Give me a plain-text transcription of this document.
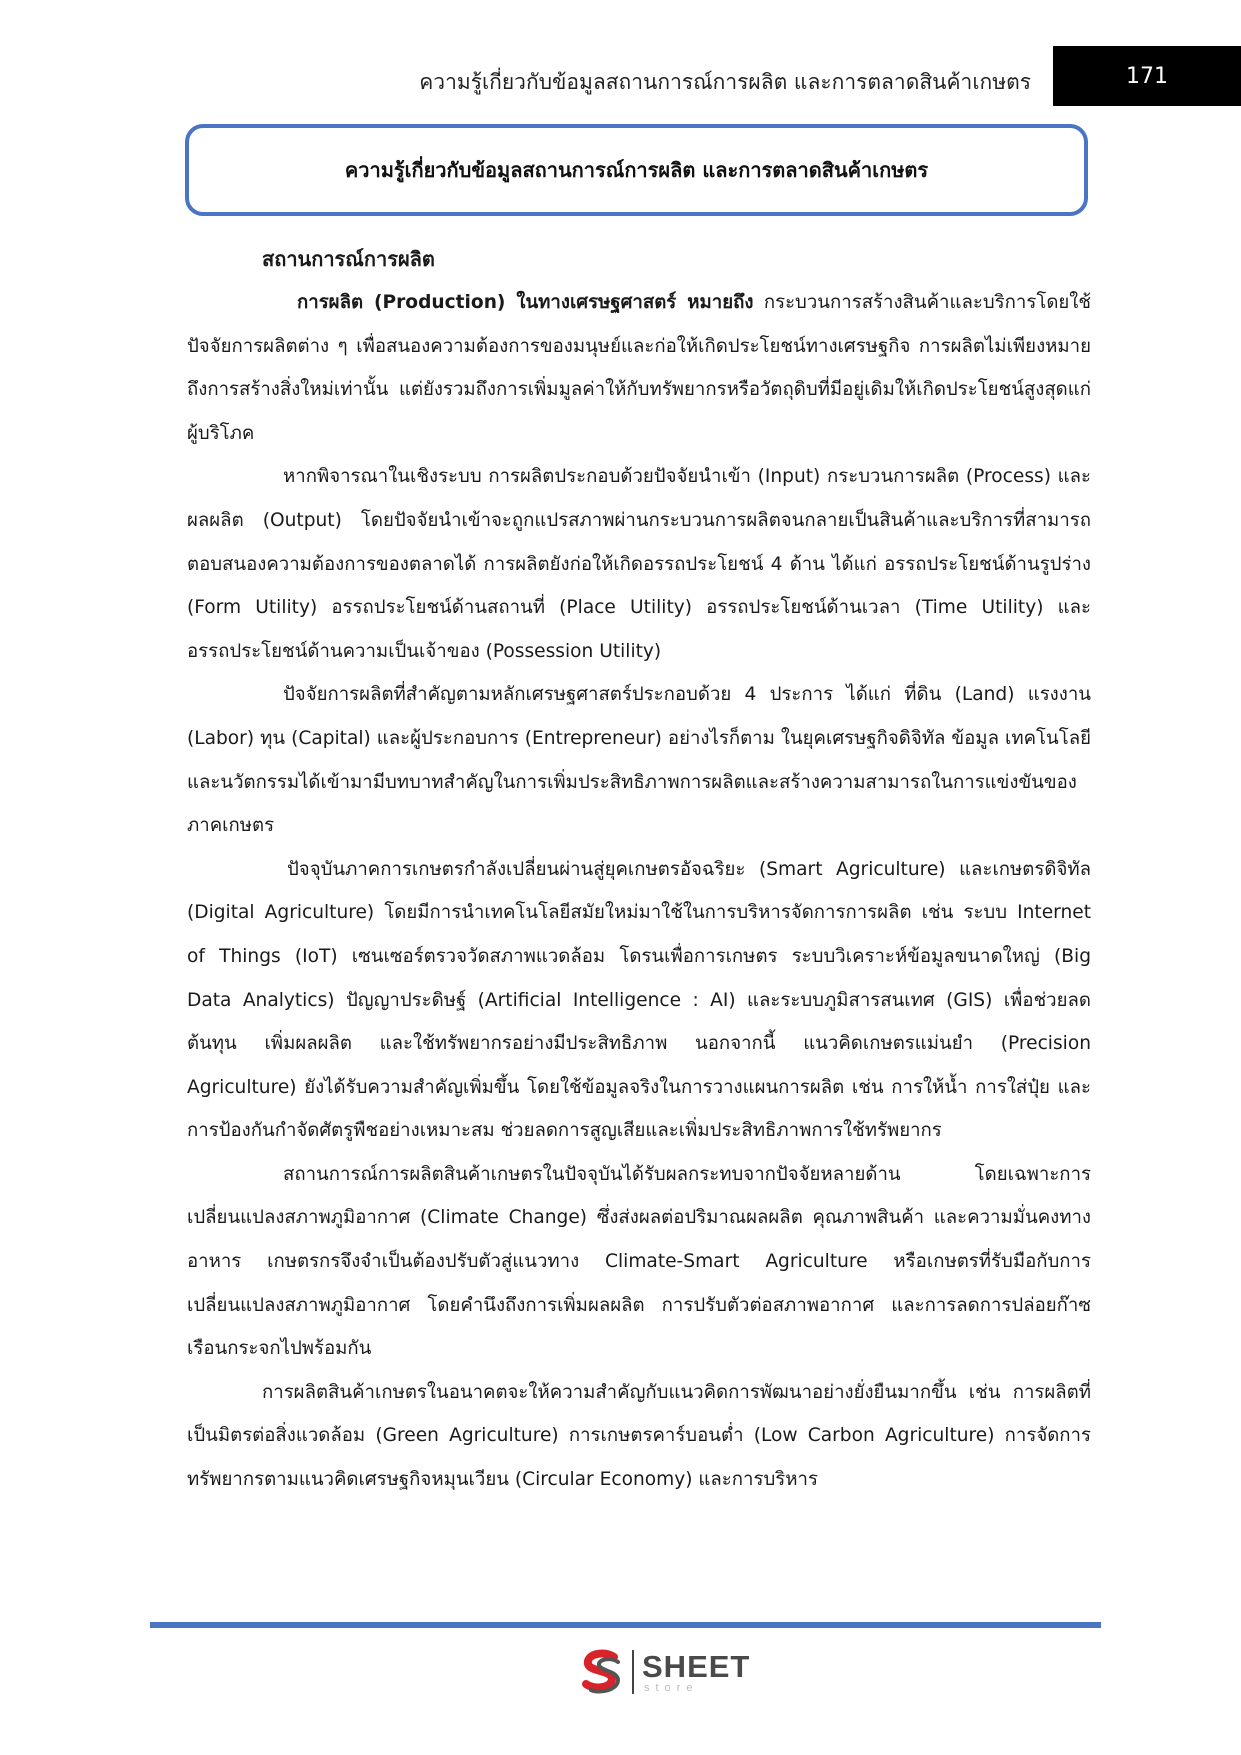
ความรู้เกี่ยวกับข้อมูลสถานการณ์การผลิต และการตลาดสินค้าเกษตร	171
ความรู้เกี่ยวกับข้อมูลสถานการณ์การผลิต และการตลาดสินค้าเกษตร
สถานการณ์การผลิต

การผลิต (Production) ในทางเศรษฐศาสตร์ หมายถึง กระบวนการสร้างสินค้าและบริการโดยใช้ปัจจัยการผลิตต่าง ๆ เพื่อสนองความต้องการของมนุษย์และก่อให้เกิดประโยชน์ทางเศรษฐกิจ การผลิตไม่เพียงหมายถึงการสร้างสิ่งใหม่เท่านั้น แต่ยังรวมถึงการเพิ่มมูลค่าให้กับทรัพยากรหรือวัตถุดิบที่มีอยู่เดิมให้เกิดประโยชน์สูงสุดแก่ผู้บริโภค

หากพิจารณาในเชิงระบบ การผลิตประกอบด้วยปัจจัยนำเข้า (Input) กระบวนการผลิต (Process) และผลผลิต (Output) โดยปัจจัยนำเข้าจะถูกแปรสภาพผ่านกระบวนการผลิตจนกลายเป็นสินค้าและบริการที่สามารถตอบสนองความต้องการของตลาดได้ การผลิตยังก่อให้เกิดอรรถประโยชน์ 4 ด้าน ได้แก่ อรรถประโยชน์ด้านรูปร่าง (Form Utility) อรรถประโยชน์ด้านสถานที่ (Place Utility) อรรถประโยชน์ด้านเวลา (Time Utility) และอรรถประโยชน์ด้านความเป็นเจ้าของ (Possession Utility)

ปัจจัยการผลิตที่สำคัญตามหลักเศรษฐศาสตร์ประกอบด้วย 4 ประการ ได้แก่ ที่ดิน (Land) แรงงาน (Labor) ทุน (Capital) และผู้ประกอบการ (Entrepreneur) อย่างไรก็ตาม ในยุคเศรษฐกิจดิจิทัล ข้อมูล เทคโนโลยี และนวัตกรรมได้เข้ามามีบทบาทสำคัญในการเพิ่มประสิทธิภาพการผลิตและสร้างความสามารถในการแข่งขันของภาคเกษตร

ปัจจุบันภาคการเกษตรกำลังเปลี่ยนผ่านสู่ยุคเกษตรอัจฉริยะ (Smart Agriculture) และเกษตรดิจิทัล (Digital Agriculture) โดยมีการนำเทคโนโลยีสมัยใหม่มาใช้ในการบริหารจัดการการผลิต เช่น ระบบ Internet of Things (IoT) เซนเซอร์ตรวจวัดสภาพแวดล้อม โดรนเพื่อการเกษตร ระบบวิเคราะห์ข้อมูลขนาดใหญ่ (Big Data Analytics) ปัญญาประดิษฐ์ (Artificial Intelligence : AI) และระบบภูมิสารสนเทศ (GIS) เพื่อช่วยลดต้นทุน เพิ่มผลผลิต และใช้ทรัพยากรอย่างมีประสิทธิภาพ นอกจากนี้ แนวคิดเกษตรแม่นยำ (Precision Agriculture) ยังได้รับความสำคัญเพิ่มขึ้น โดยใช้ข้อมูลจริงในการวางแผนการผลิต เช่น การให้น้ำ การใส่ปุ๋ย และการป้องกันกำจัดศัตรูพืชอย่างเหมาะสม ช่วยลดการสูญเสียและเพิ่มประสิทธิภาพการใช้ทรัพยากร

สถานการณ์การผลิตสินค้าเกษตรในปัจจุบันได้รับผลกระทบจากปัจจัยหลายด้าน โดยเฉพาะการเปลี่ยนแปลงสภาพภูมิอากาศ (Climate Change) ซึ่งส่งผลต่อปริมาณผลผลิต คุณภาพสินค้า และความมั่นคงทางอาหาร เกษตรกรจึงจำเป็นต้องปรับตัวสู่แนวทาง Climate-Smart Agriculture หรือเกษตรที่รับมือกับการเปลี่ยนแปลงสภาพภูมิอากาศ โดยคำนึงถึงการเพิ่มผลผลิต การปรับตัวต่อสภาพอากาศ และการลดการปล่อยก๊าซเรือนกระจกไปพร้อมกัน

การผลิตสินค้าเกษตรในอนาคตจะให้ความสำคัญกับแนวคิดการพัฒนาอย่างยั่งยืนมากขึ้น เช่น การผลิตที่เป็นมิตรต่อสิ่งแวดล้อม (Green Agriculture) การเกษตรคาร์บอนต่ำ (Low Carbon Agriculture) การจัดการทรัพยากรตามแนวคิดเศรษฐกิจหมุนเวียน (Circular Economy) และการบริหาร

SHEET
store
